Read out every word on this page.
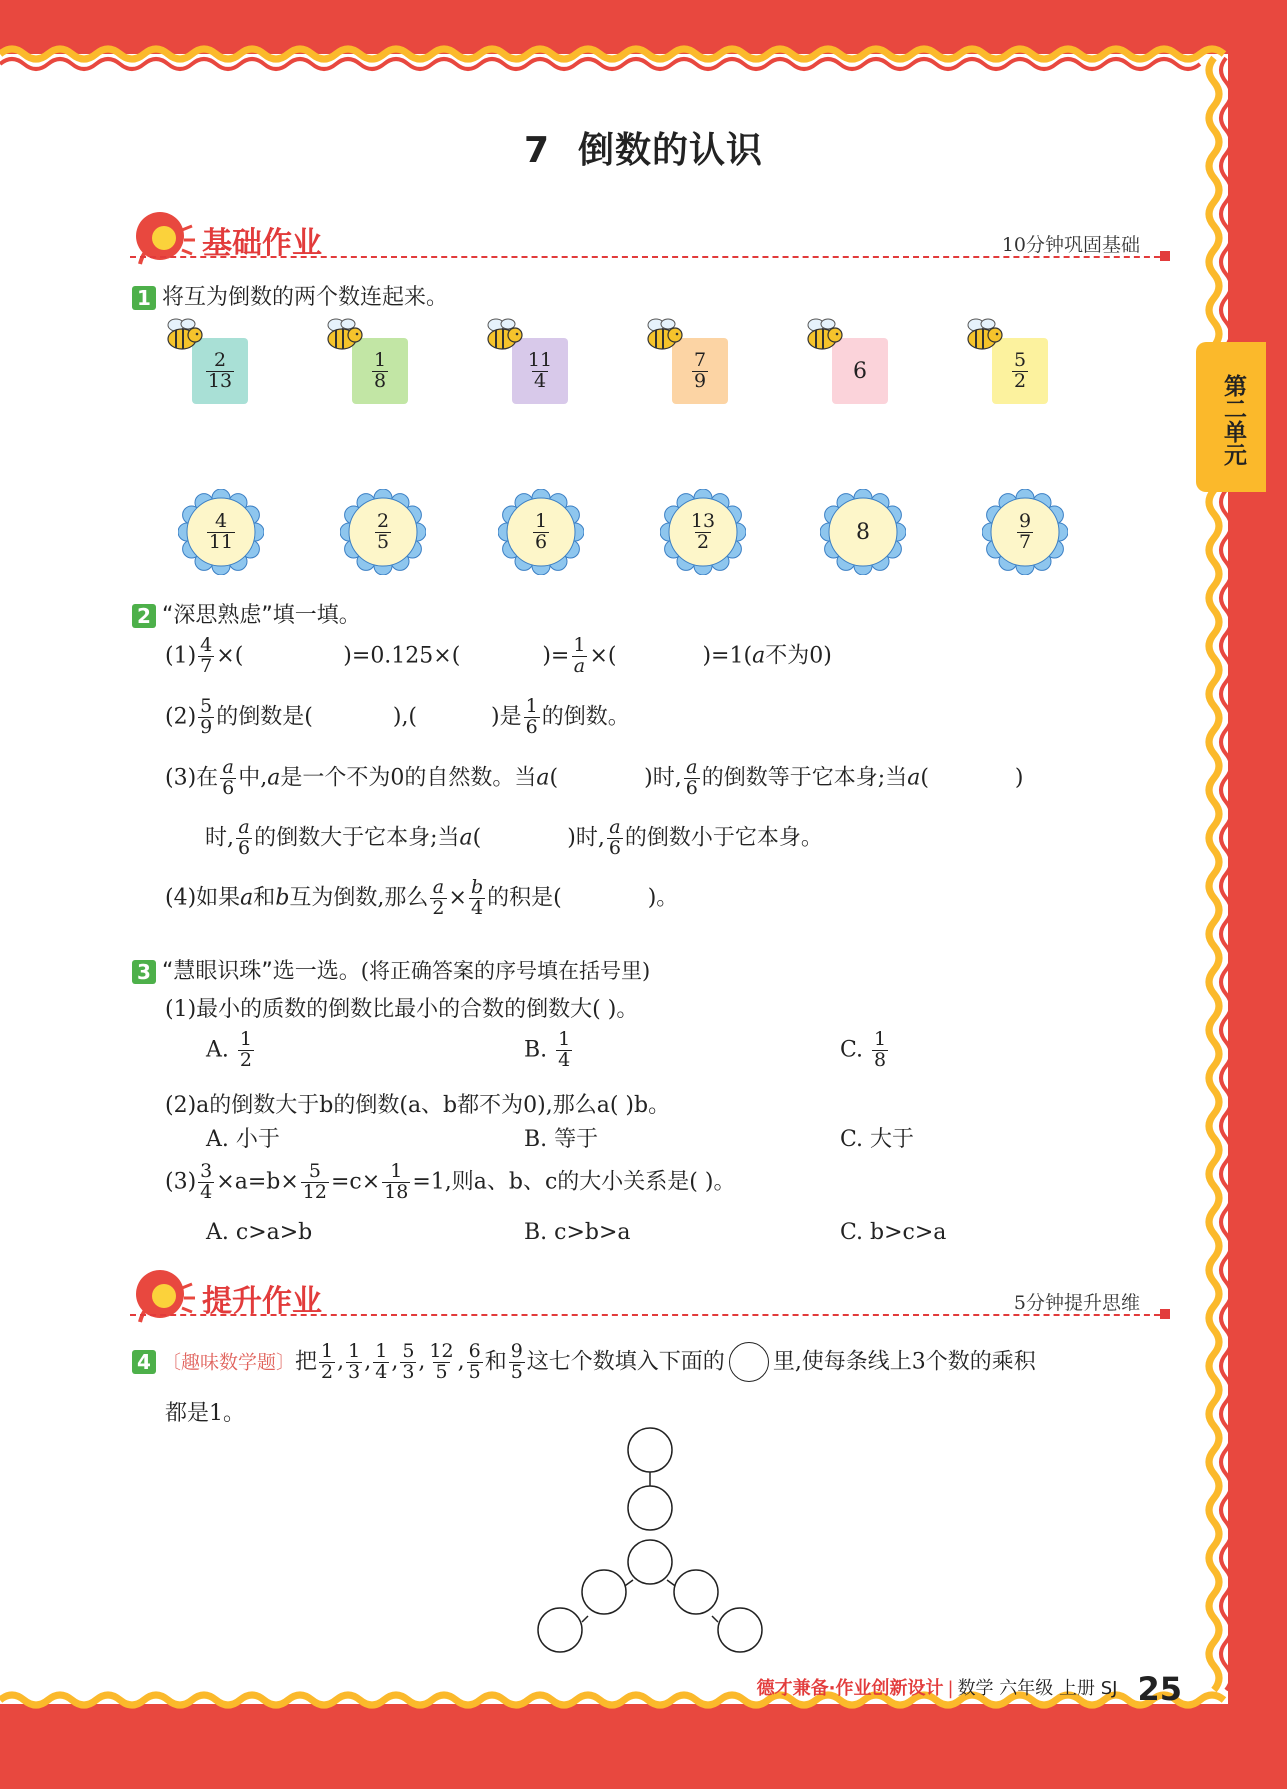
7 倒数的认识
第二单元
基础作业	10分钟巩固基础
1 将互为倒数的两个数连起来。
$\frac{2}{13}$	$\frac{1}{8}$	$\frac{11}{4}$	$\frac{7}{9}$	6	$\frac{5}{2}$
$\frac{4}{11}$	$\frac{2}{5}$	$\frac{1}{6}$	$\frac{13}{2}$	8	$\frac{9}{7}$
2 “深思熟虑”填一填。
$(1) \frac{4}{7}$ ×(	)=0.125×(	)= $\frac{1}{a}$ ×(	)=1(a不为0)
$(2) \frac{5}{9}$ 的倒数是(	),(	)是 $\frac{1}{6}$ 的倒数。
(3)在 $\frac{a}{6}$ 中,a是一个不为0的自然数。当a(	)时, $\frac{a}{6}$ 的倒数等于它本身;当a(	)
时, $\frac{a}{6}$ 的倒数大于它本身;当a(	)时, $\frac{a}{6}$ 的倒数小于它本身。
(4)如果a和b互为倒数,那么 $\frac{a}{2} \times \frac{b}{4}$ 的积是(	)。
3 “慧眼识珠”选一选。(将正确答案的序号填在括号里)
(1)最小的质数的倒数比最小的合数的倒数大( )。
A. $\frac{1}{2}$	B. $\frac{1}{4}$	C. $\frac{1}{8}$
(2)a的倒数大于b的倒数(a、b都不为0),那么a( )b。
A. 小于	B. 等于	C. 大于
$(3) \frac{3}{4} \times a=b\times \frac{5}{12} =c\times \frac{1}{18} =1$,则a、b、c的大小关系是( )。
A. c>a>b	B. c>b>a	C. b>c>a
提升作业	5分钟提升思维
4 〔趣味数学题〕把 $\frac{1}{2}$ , $\frac{1}{3}$ , $\frac{1}{4}$ , $\frac{5}{3}$ , $\frac{12}{5}$ , $\frac{6}{5}$ 和 $\frac{9}{5}$ 这七个数填入下面的 里,使每条线上3个数的乘积
都是1。
德才兼备·作业创新设计 | 数学 六年级 上册 SJ 25
